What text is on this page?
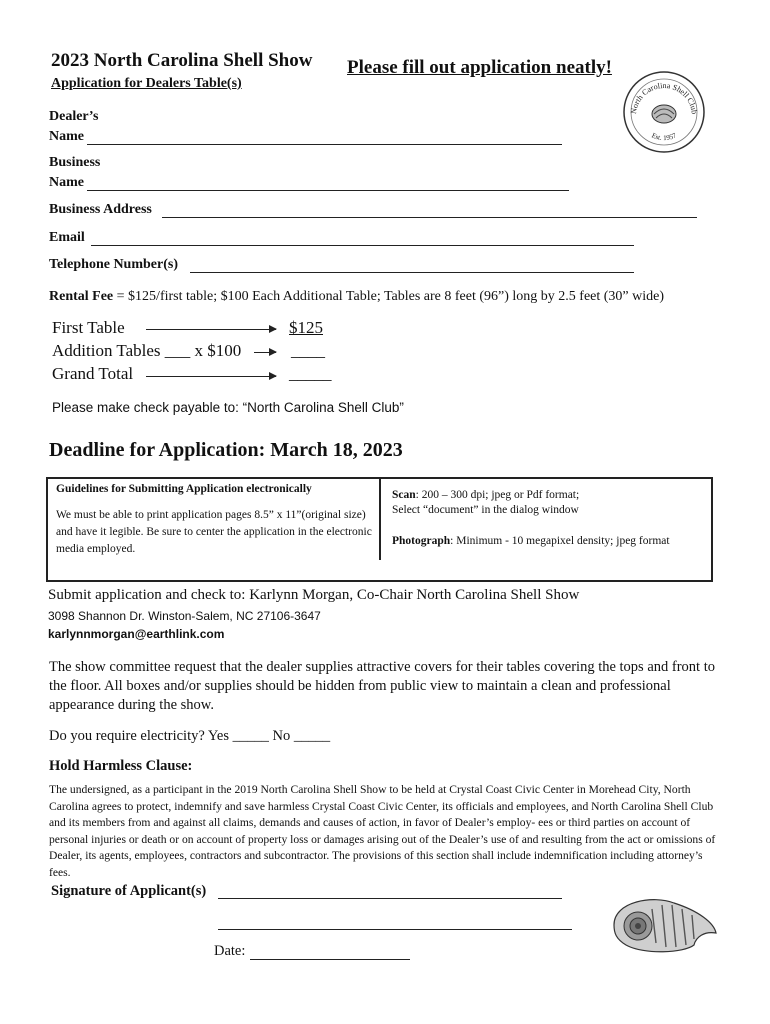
2023 North Carolina Shell Show
Application for Dealers Table(s)
Please fill out application neatly!
North Carolina Shell Club
Est. 1957
Dealer’s
Name
Business
Name
Business Address
Email
Telephone Number(s)
Rental Fee = $125/first table; $100 Each Additional Table; Tables are 8 feet (96”) long by 2.5 feet (30” wide)
First Table	$125
Addition Tables ___ x $100	____
Grand Total	_____
Please make check payable to: “North Carolina Shell Club”
Deadline for Application: March 18, 2023
Guidelines for Submitting Application electronically
We must be able to print application pages 8.5” x 11”(original size) and have it legible. Be sure to center the application in the electronic media employed.
Scan: 200 – 300 dpi; jpeg or Pdf format;
Select “document” in the dialog window
Photograph: Minimum - 10 megapixel density; jpeg format
Submit application and check to: Karlynn Morgan, Co-Chair North Carolina Shell Show
3098 Shannon Dr. Winston-Salem, NC 27106-3647
karlynnmorgan@earthlink.com
The show committee request that the dealer supplies attractive covers for their tables covering the tops and front to the floor. All boxes and/or supplies should be hidden from public view to maintain a clean and professional appearance during the show.
Do you require electricity? Yes _____ No _____
Hold Harmless Clause:
The undersigned, as a participant in the 2019 North Carolina Shell Show to be held at Crystal Coast Civic Center in Morehead City, North Carolina agrees to protect, indemnify and save harmless Crystal Coast Civic Center, its officials and employees, and North Carolina Shell Club and its members from and against all claims, demands and causes of action, in favor of Dealer’s employ- ees or third parties on account of personal injuries or death or on account of property loss or damages arising out of the Dealer’s use of and resulting from the act or omissions of Dealer, its agents, employees, contractors and subcontractor. The provisions of this section shall include indemnification including attorney’s fees.
Signature of Applicant(s)
Date:
